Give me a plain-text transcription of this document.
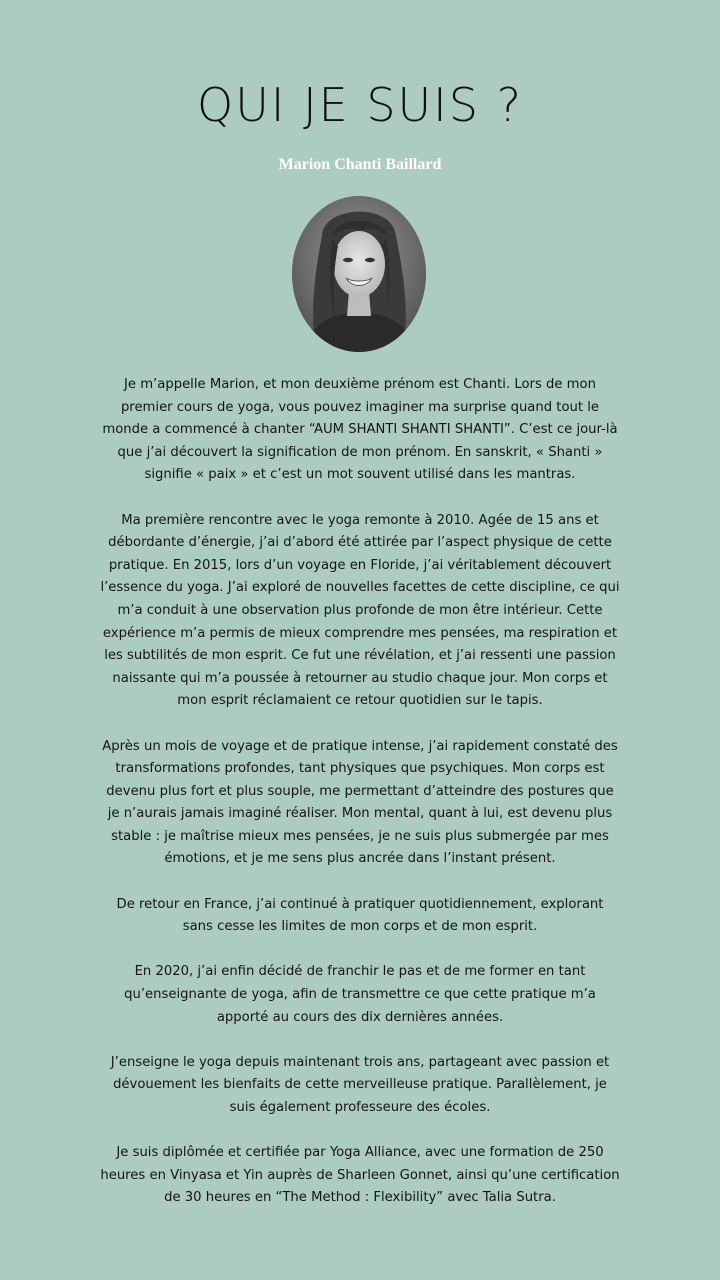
QUI JE SUIS ?
Marion Chanti Baillard

Je m’appelle Marion, et mon deuxième prénom est Chanti. Lors de mon premier cours de yoga, vous pouvez imaginer ma surprise quand tout le monde a commencé à chanter “AUM SHANTI SHANTI SHANTI”. C’est ce jour-là que j’ai découvert la signification de mon prénom. En sanskrit, « Shanti » signifie « paix » et c’est un mot souvent utilisé dans les mantras.

Ma première rencontre avec le yoga remonte à 2010. Agée de 15 ans et débordante d’énergie, j’ai d’abord été attirée par l’aspect physique de cette pratique. En 2015, lors d’un voyage en Floride, j’ai véritablement découvert l’essence du yoga. J’ai exploré de nouvelles facettes de cette discipline, ce qui m’a conduit à une observation plus profonde de mon être intérieur. Cette expérience m’a permis de mieux comprendre mes pensées, ma respiration et les subtilités de mon esprit. Ce fut une révélation, et j’ai ressenti une passion naissante qui m’a poussée à retourner au studio chaque jour. Mon corps et mon esprit réclamaient ce retour quotidien sur le tapis.

Après un mois de voyage et de pratique intense, j’ai rapidement constaté des transformations profondes, tant physiques que psychiques. Mon corps est devenu plus fort et plus souple, me permettant d’atteindre des postures que je n’aurais jamais imaginé réaliser. Mon mental, quant à lui, est devenu plus stable : je maîtrise mieux mes pensées, je ne suis plus submergée par mes émotions, et je me sens plus ancrée dans l’instant présent.

De retour en France, j’ai continué à pratiquer quotidiennement, explorant sans cesse les limites de mon corps et de mon esprit.

En 2020, j’ai enfin décidé de franchir le pas et de me former en tant qu’enseignante de yoga, afin de transmettre ce que cette pratique m’a apporté au cours des dix dernières années.

J’enseigne le yoga depuis maintenant trois ans, partageant avec passion et dévouement les bienfaits de cette merveilleuse pratique. Parallèlement, je suis également professeure des écoles.

Je suis diplômée et certifiée par Yoga Alliance, avec une formation de 250 heures en Vinyasa et Yin auprès de Sharleen Gonnet, ainsi qu’une certification de 30 heures en “The Method : Flexibility” avec Talia Sutra.
